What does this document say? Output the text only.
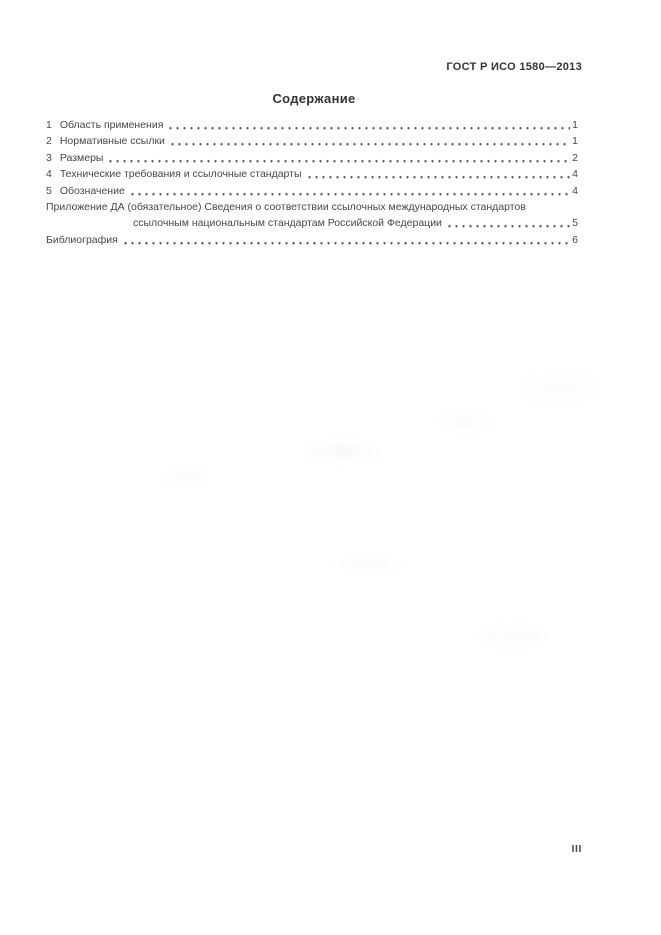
ГОСТ Р ИСО 1580—2013
Содержание
1 Область применения	1
2 Нормативные ссылки	1
3 Размеры	2
4 Технические требования и ссылочные стандарты	4
5 Обозначение	4
Приложение ДА (обязательное) Сведения о соответствии ссылочных международных стандартов
ссылочным национальным стандартам Российской Федерации	5
Библиография	6
III
